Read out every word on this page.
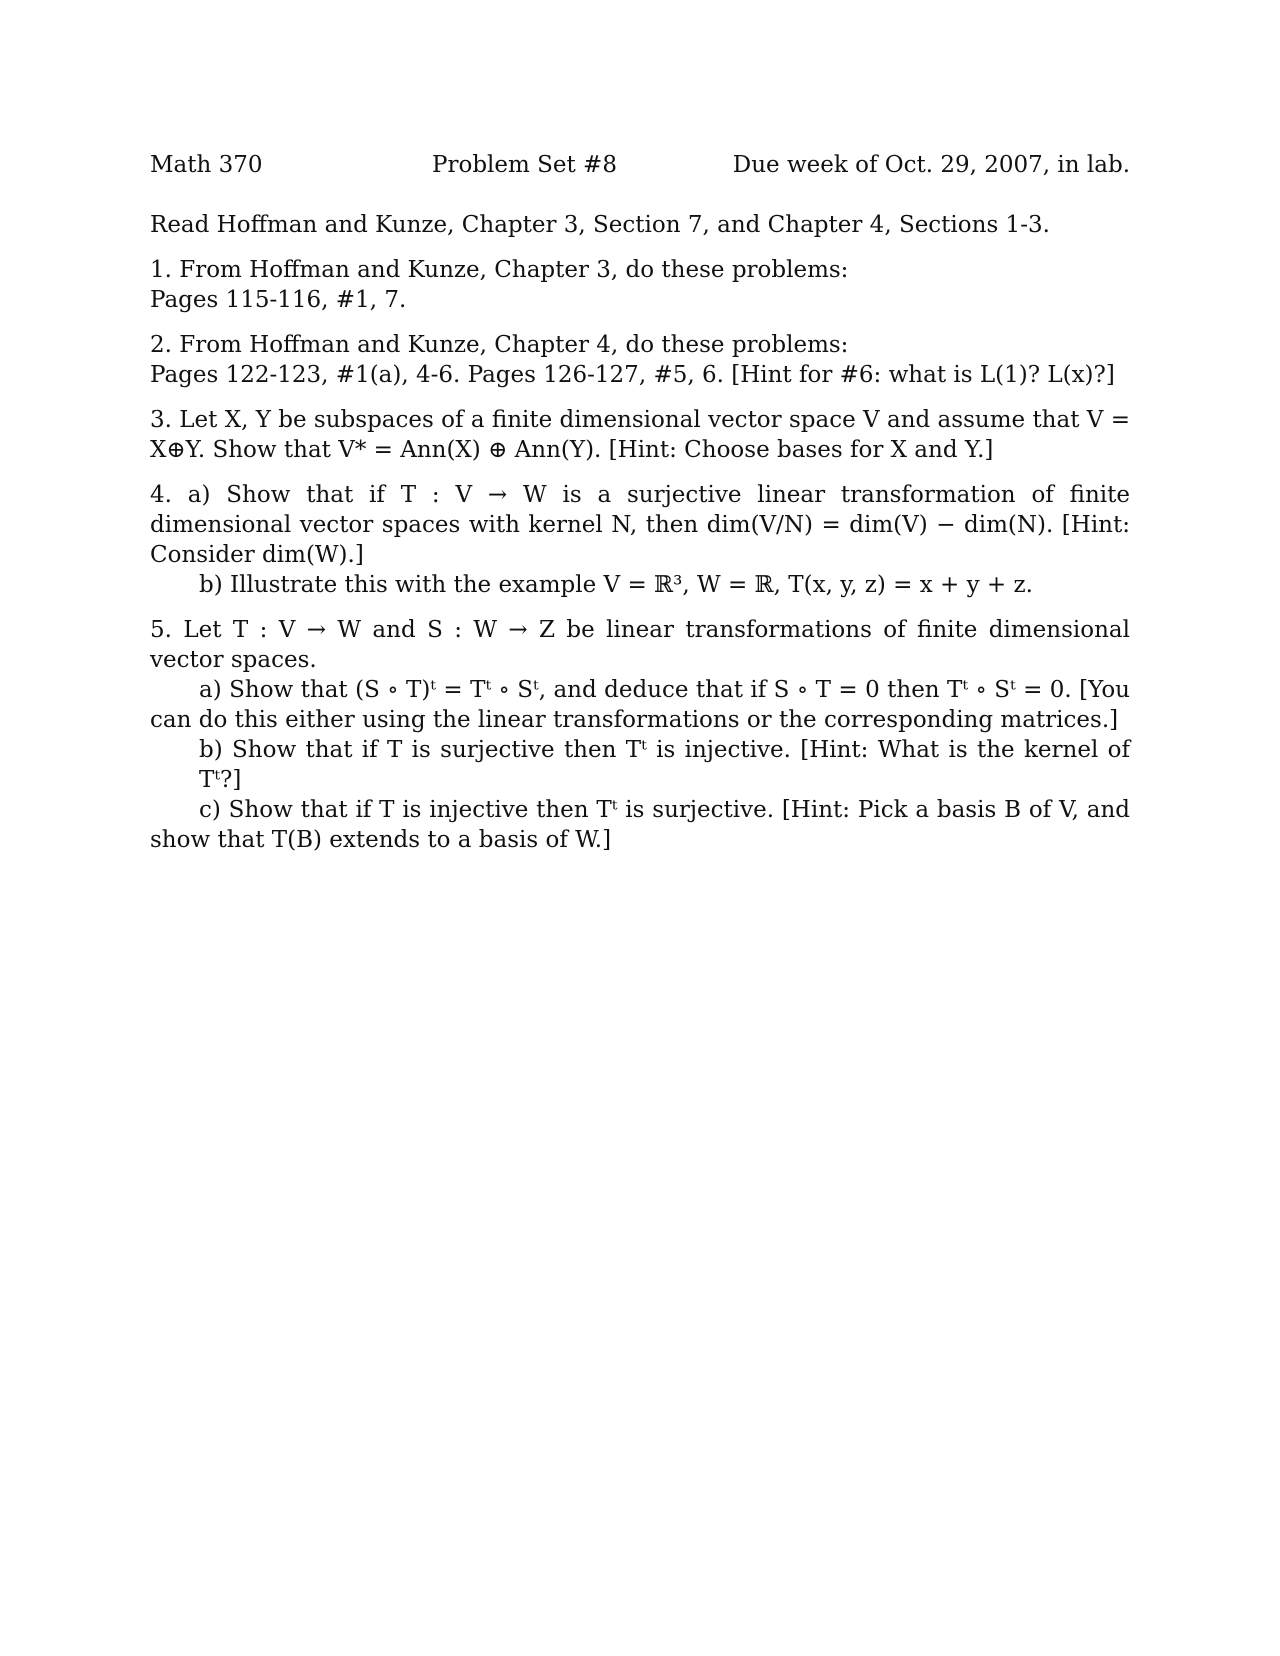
Math 370	Problem Set #8	Due week of Oct. 29, 2007, in lab.
Read Hoffman and Kunze, Chapter 3, Section 7, and Chapter 4, Sections 1-3.
1. From Hoffman and Kunze, Chapter 3, do these problems:
Pages 115-116, #1, 7.
2. From Hoffman and Kunze, Chapter 4, do these problems:
Pages 122-123, #1(a), 4-6. Pages 126-127, #5, 6. [Hint for #6: what is L(1)? L(x)?]
3. Let X, Y be subspaces of a finite dimensional vector space V and assume that V = X⊕Y. Show that V* = Ann(X) ⊕ Ann(Y). [Hint: Choose bases for X and Y.]
4. a) Show that if T : V → W is a surjective linear transformation of finite dimensional vector spaces with kernel N, then dim(V/N) = dim(V) − dim(N). [Hint: Consider dim(W).]
b) Illustrate this with the example V = ℝ³, W = ℝ, T(x, y, z) = x + y + z.
5. Let T : V → W and S : W → Z be linear transformations of finite dimensional vector spaces.
a) Show that (S ∘ T)ᵗ = Tᵗ ∘ Sᵗ, and deduce that if S ∘ T = 0 then Tᵗ ∘ Sᵗ = 0. [You can do this either using the linear transformations or the corresponding matrices.]
b) Show that if T is surjective then Tᵗ is injective. [Hint: What is the kernel of Tᵗ?]
c) Show that if T is injective then Tᵗ is surjective. [Hint: Pick a basis B of V, and show that T(B) extends to a basis of W.]
